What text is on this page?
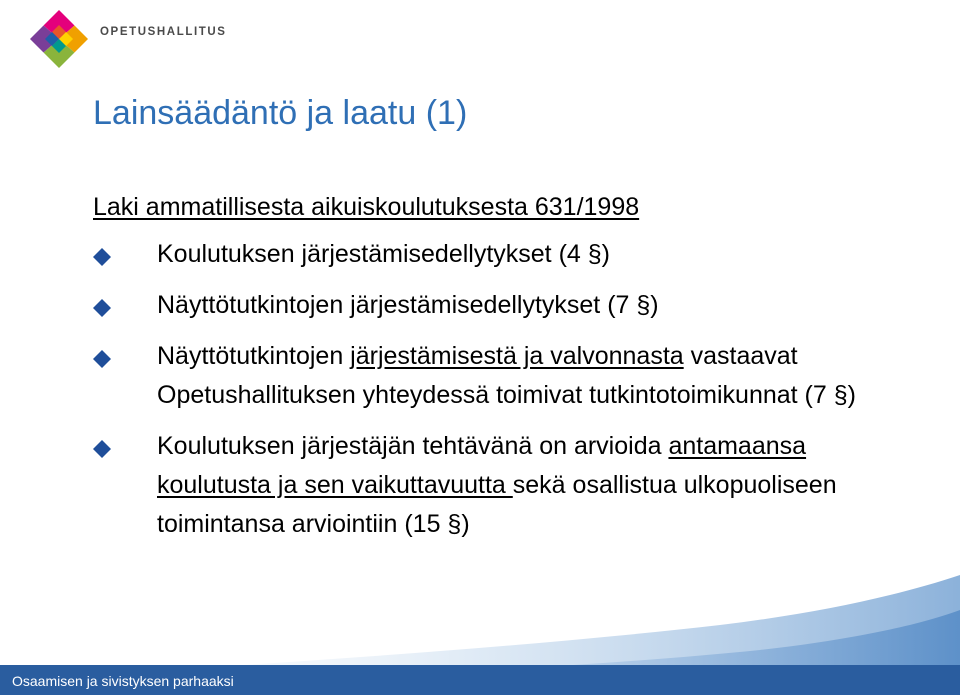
OPETUSHALLITUS
Lainsäädäntö ja laatu (1)
Laki ammatillisesta aikuiskoulutuksesta 631/1998
Koulutuksen järjestämisedellytykset (4 §)
Näyttötutkintojen järjestämisedellytykset (7 §)
Näyttötutkintojen järjestämisestä ja valvonnasta vastaavat Opetushallituksen yhteydessä toimivat tutkintotoimikunnat (7 §)
Koulutuksen järjestäjän tehtävänä on arvioida antamaansa koulutusta ja sen vaikuttavuutta sekä osallistua ulkopuoliseen toimintansa arviointiin (15 §)
Osaamisen ja sivistyksen parhaaksi
